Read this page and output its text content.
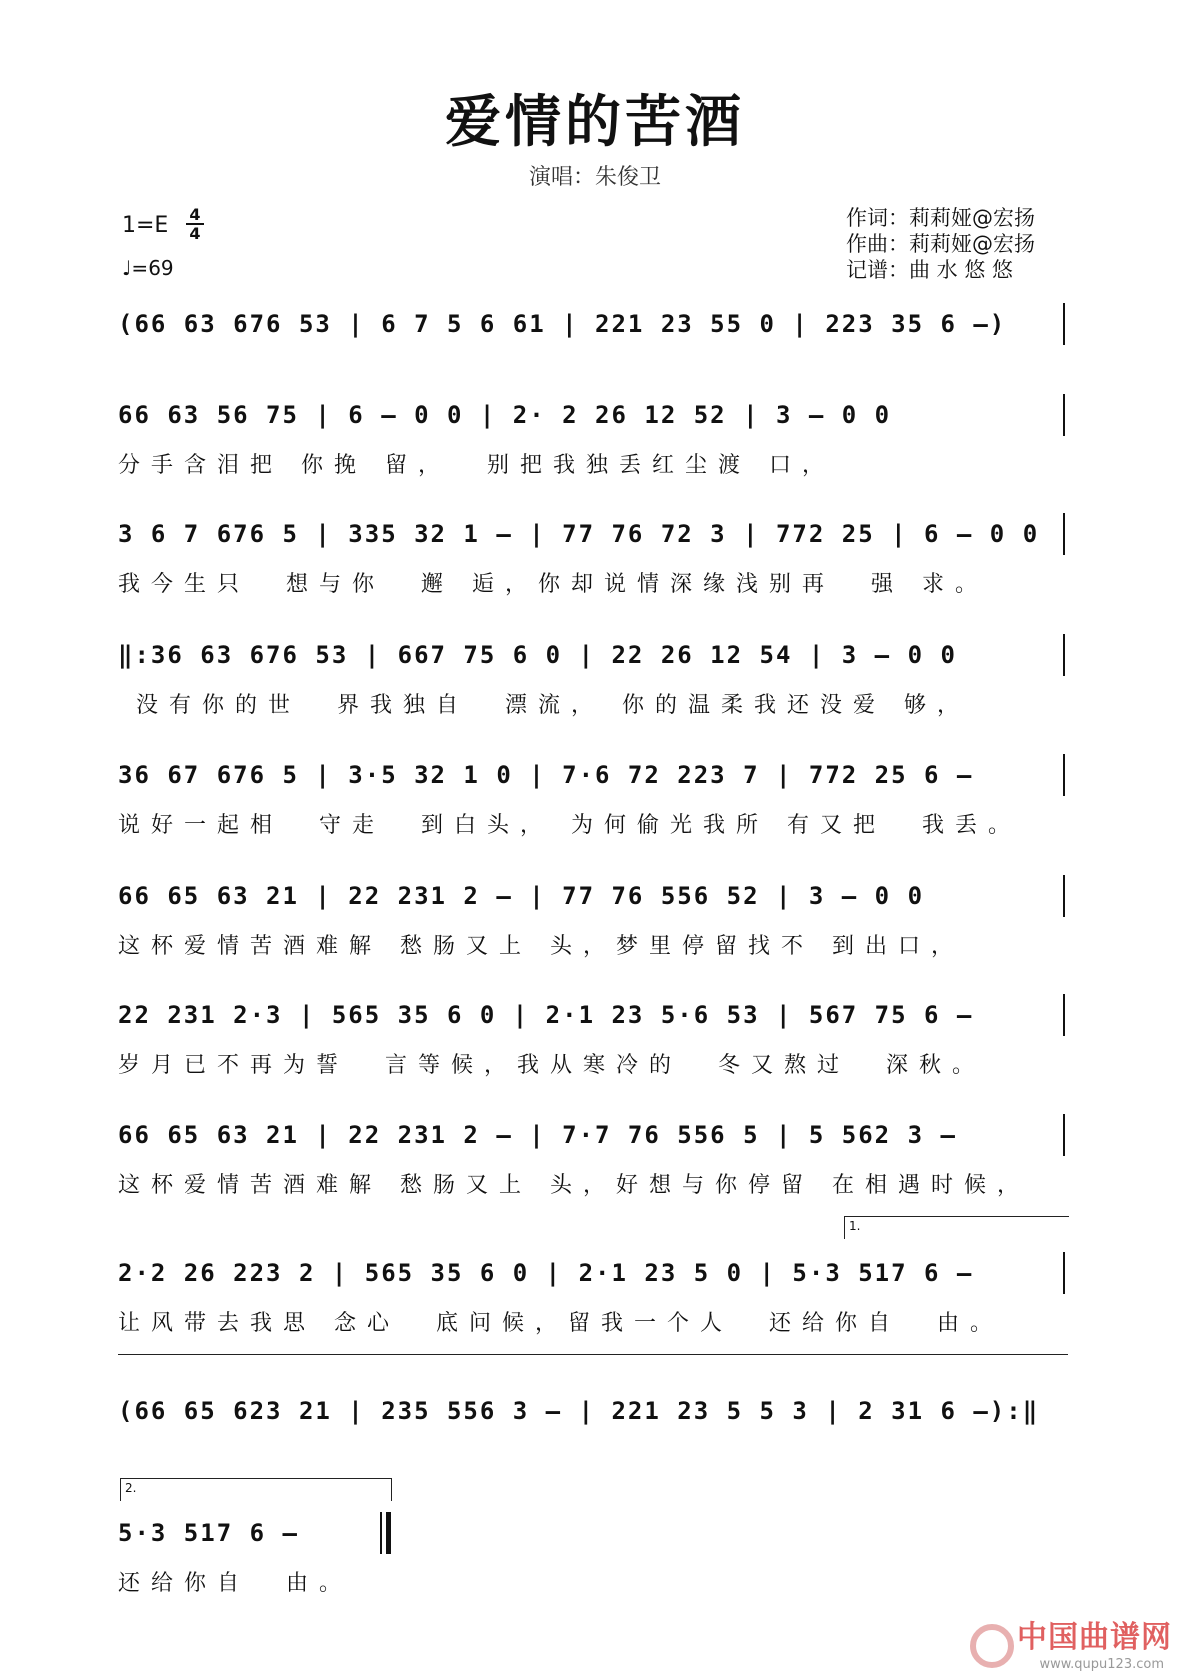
爱情的苦酒
演唱：朱俊卫
$1=E \frac{4}{4}$
♩=69
作词：莉莉娅@宏扬
作曲：莉莉娅@宏扬
记谱：曲 水 悠 悠
(66 63 676 53 | 6 7 5 6 61 | 221 23 55 0 | 223 35 6 –)
66 63 56 75 | 6 – 0 0 | 2· 2 26 12 52 | 3 – 0 0
分手含泪把 你挽 留，  别把我独丢红尘渡 口，
3 6 7 676 5 | 335 32 1 – | 77 76 72 3 | 772 25 | 6 – 0 0
我今生只  想与你  邂 逅，你却说情深缘浅别再  强 求。
‖:36 63 676 53 | 667 75 6 0 | 22 26 12 54 | 3 – 0 0
没有你的世  界我独自  漂流， 你的温柔我还没爱 够，
36 67 676 5 | 3·5 32 1 0 | 7·6 72 223 7 | 772 25 6 –
说好一起相  守走  到白头， 为何偷光我所 有又把  我丢。
66 65 63 21 | 22 231 2 – | 77 76 556 52 | 3 – 0 0
这杯爱情苦酒难解 愁肠又上 头，梦里停留找不 到出口，
22 231 2·3 | 565 35 6 0 | 2·1 23 5·6 53 | 567 75 6 –
岁月已不再为誓  言等候，我从寒冷的  冬又熬过  深秋。
66 65 63 21 | 22 231 2 – | 7·7 76 556 5 | 5 562 3 –
这杯爱情苦酒难解 愁肠又上 头，好想与你停留 在相遇时候，
1.
2·2 26 223 2 | 565 35 6 0 | 2·1 23 5 0 | 5·3 517 6 –
让风带去我思 念心  底问候，留我一个人  还给你自  由。
(66 65 623 21 | 235 556 3 – | 221 23 5 5 3 | 2 31 6 –):‖
2.
5·3 517 6 –
还给你自  由。
中国曲谱网
www.qupu123.com
